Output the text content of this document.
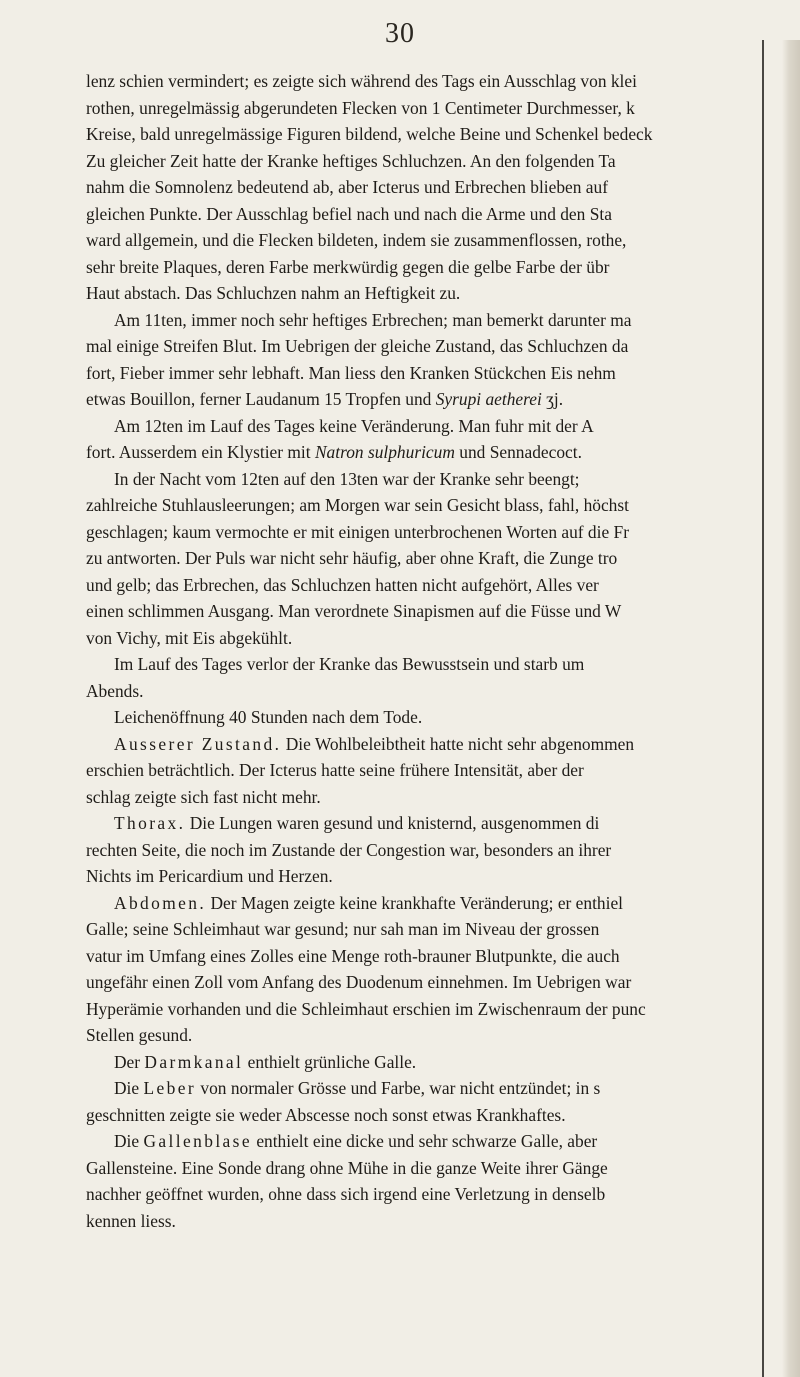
30
lenz schien vermindert; es zeigte sich während des Tags ein Ausschlag von klei
rothen, unregelmässig abgerundeten Flecken von 1 Centimeter Durchmesser, k
Kreise, bald unregelmässige Figuren bildend, welche Beine und Schenkel bedeck
Zu gleicher Zeit hatte der Kranke heftiges Schluchzen. An den folgenden Ta
nahm die Somnolenz bedeutend ab, aber Icterus und Erbrechen blieben auf
gleichen Punkte. Der Ausschlag befiel nach und nach die Arme und den Sta
ward allgemein, und die Flecken bildeten, indem sie zusammenflossen, rothe,
sehr breite Plaques, deren Farbe merkwürdig gegen die gelbe Farbe der übr
Haut abstach. Das Schluchzen nahm an Heftigkeit zu.
Am 11ten, immer noch sehr heftiges Erbrechen; man bemerkt darunter ma
mal einige Streifen Blut. Im Uebrigen der gleiche Zustand, das Schluchzen da
fort, Fieber immer sehr lebhaft. Man liess den Kranken Stückchen Eis nehm
etwas Bouillon, ferner Laudanum 15 Tropfen und Syrupi aetherei ʒj.
Am 12ten im Lauf des Tages keine Veränderung. Man fuhr mit der A
fort. Ausserdem ein Klystier mit Natron sulphuricum und Sennadecoct.
In der Nacht vom 12ten auf den 13ten war der Kranke sehr beengt;
zahlreiche Stuhlausleerungen; am Morgen war sein Gesicht blass, fahl, höchst
geschlagen; kaum vermochte er mit einigen unterbrochenen Worten auf die Fr
zu antworten. Der Puls war nicht sehr häufig, aber ohne Kraft, die Zunge tro
und gelb; das Erbrechen, das Schluchzen hatten nicht aufgehört, Alles ver
einen schlimmen Ausgang. Man verordnete Sinapismen auf die Füsse und W
von Vichy, mit Eis abgekühlt.
Im Lauf des Tages verlor der Kranke das Bewusstsein und starb um
Abends.
Leichenöffnung 40 Stunden nach dem Tode.
Ausserer Zustand. Die Wohlbeleibtheit hatte nicht sehr abgenommen
erschien beträchtlich. Der Icterus hatte seine frühere Intensität, aber der
schlag zeigte sich fast nicht mehr.
Thorax. Die Lungen waren gesund und knisternd, ausgenommen di
rechten Seite, die noch im Zustande der Congestion war, besonders an ihrer
Nichts im Pericardium und Herzen.
Abdomen. Der Magen zeigte keine krankhafte Veränderung; er enthiel
Galle; seine Schleimhaut war gesund; nur sah man im Niveau der grossen
vatur im Umfang eines Zolles eine Menge roth-brauner Blutpunkte, die auch
ungefähr einen Zoll vom Anfang des Duodenum einnehmen. Im Uebrigen war
Hyperämie vorhanden und die Schleimhaut erschien im Zwischenraum der punc
Stellen gesund.
Der Darmkanal enthielt grünliche Galle.
Die Leber von normaler Grösse und Farbe, war nicht entzündet; in s
geschnitten zeigte sie weder Abscesse noch sonst etwas Krankhaftes.
Die Gallenblase enthielt eine dicke und sehr schwarze Galle, aber
Gallensteine. Eine Sonde drang ohne Mühe in die ganze Weite ihrer Gänge
nachher geöffnet wurden, ohne dass sich irgend eine Verletzung in denselb
kennen liess.
